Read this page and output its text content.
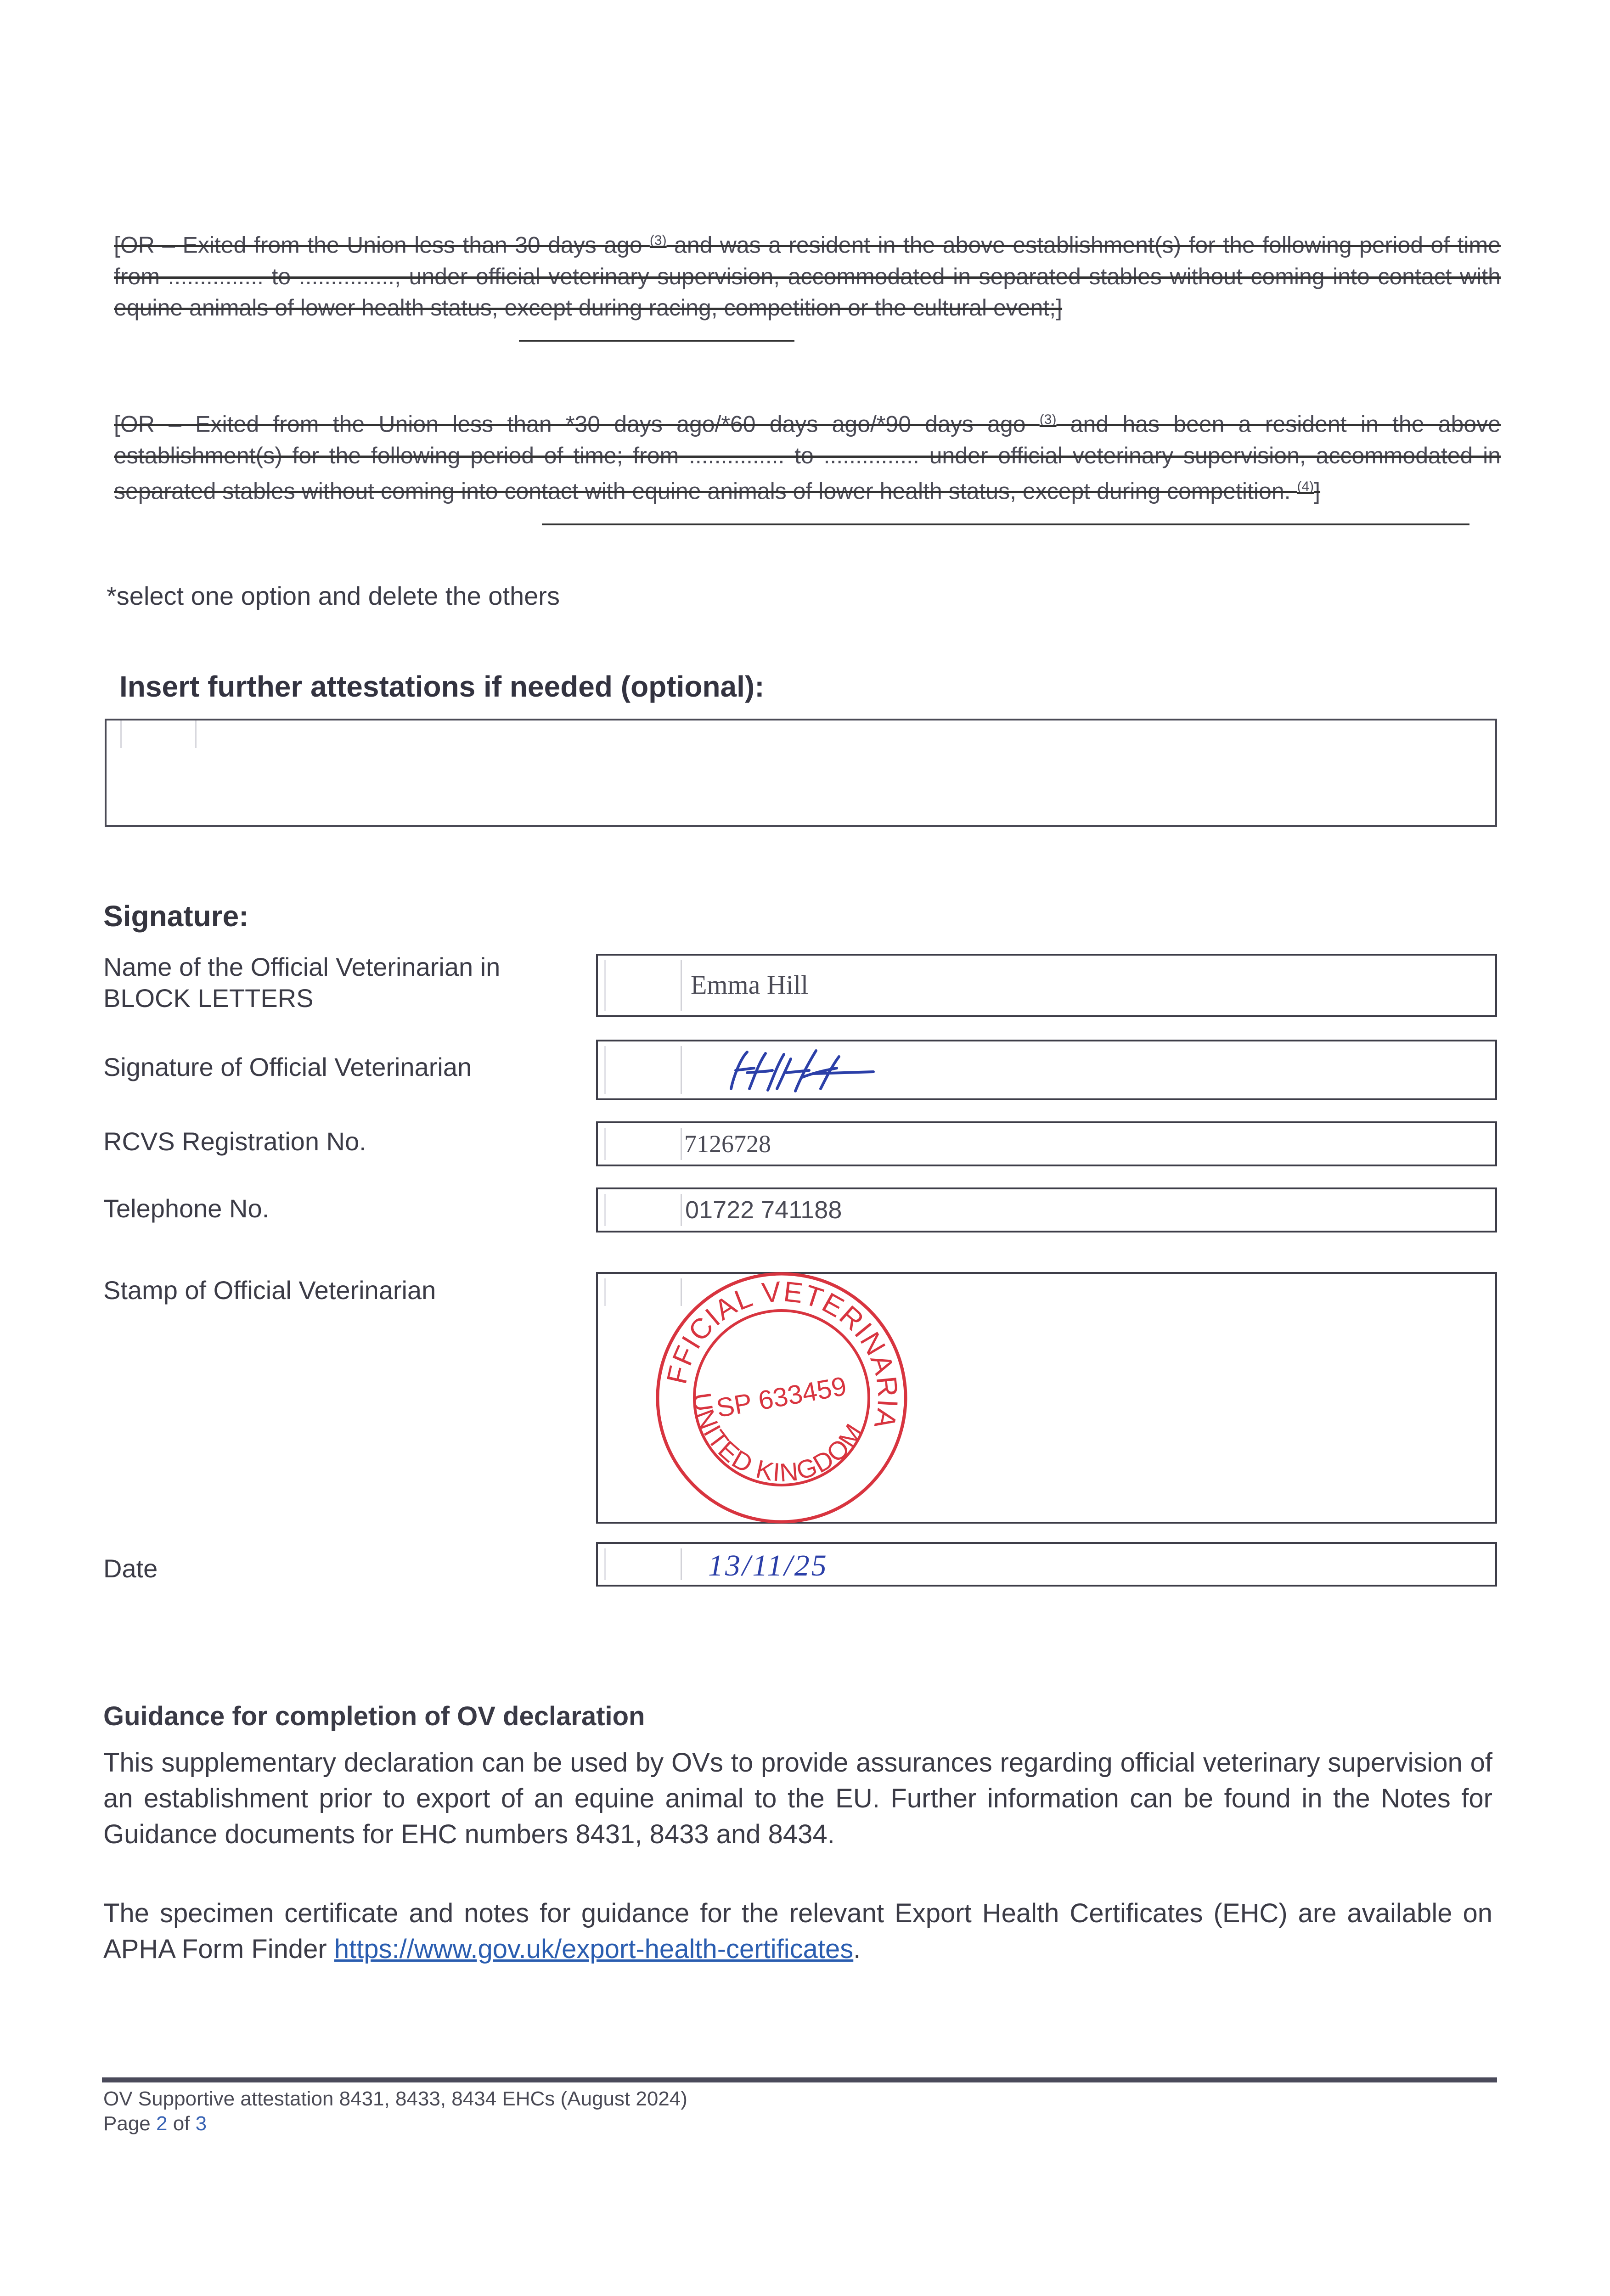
[OR – Exited from the Union less than 30 days ago $^{(3)}$ and was a resident in the above establishment(s) for the following period of time from ............... to ..............., under official veterinary supervision, accommodated in separated stables without coming into contact with equine animals of lower health status, except during racing, competition or the cultural event;]
[OR – Exited from the Union less than *30 days ago/*60 days ago/*90 days ago $^{(3)}$ and has been a resident in the above establishment(s) for the following period of time; from ............... to ............... under official veterinary supervision, accommodated in separated stables without coming into contact with equine animals of lower health status, except during competition. $^{(4)}$]
*select one option and delete the others
Insert further attestations if needed (optional):
Signature:
Name of the Official Veterinarian in
BLOCK LETTERS	Emma Hill
Signature of Official Veterinarian
RCVS Registration No.	7126728
Telephone No.	01722 741188
Stamp of Official Veterinarian
OFFICIAL VETERINARIAN
UNITED KINGDOM
SP 633459
Date	13/11/25
Guidance for completion of OV declaration
This supplementary declaration can be used by OVs to provide assurances regarding official veterinary supervision of an establishment prior to export of an equine animal to the EU. Further information can be found in the Notes for Guidance documents for EHC numbers 8431, 8433 and 8434.
The specimen certificate and notes for guidance for the relevant Export Health Certificates (EHC) are available on APHA Form Finder https://www.gov.uk/export-health-certificates.
OV Supportive attestation 8431, 8433, 8434 EHCs (August 2024)
Page 2 of 3
